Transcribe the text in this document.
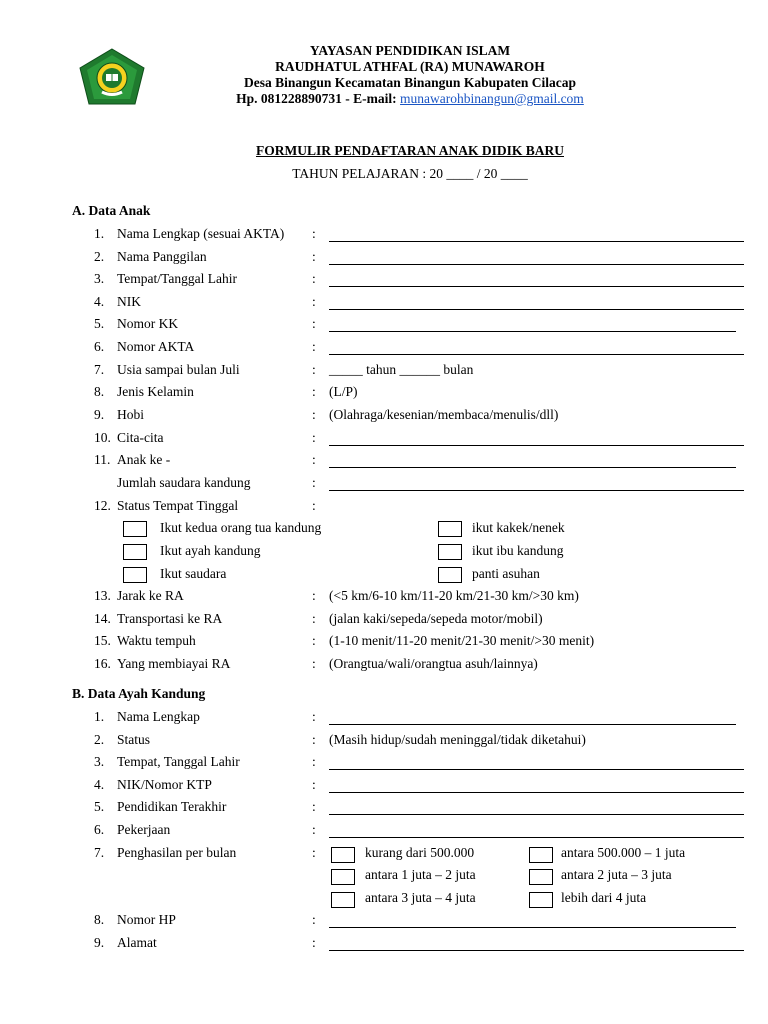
YAYASAN PENDIDIKAN ISLAM
RAUDHATUL ATHFAL (RA) MUNAWAROH
Desa Binangun Kecamatan Binangun Kabupaten Cilacap
Hp. 081228890731 - E-mail: munawarohbinangun@gmail.com
FORMULIR PENDAFTARAN ANAK DIDIK BARU
TAHUN PELAJARAN : 20 ____ / 20 ____
A. Data Anak
1. Nama Lengkap (sesuai AKTA) :
2. Nama Panggilan	:
3. Tempat/Tanggal Lahir	:
4. NIK	:
5. Nomor KK	:
6. Nomor AKTA	:
7. Usia sampai bulan Juli	: _____ tahun ______ bulan
8. Jenis Kelamin	: (L/P)
9. Hobi	: (Olahraga/kesenian/membaca/menulis/dll)
10. Cita-cita	:
11. Anak ke -	:
Jumlah saudara kandung	:
12. Status Tempat Tinggal	:
Ikut kedua orang tua kandung	ikut kakek/nenek
Ikut ayah kandung	ikut ibu kandung
Ikut saudara	panti asuhan
13. Jarak ke RA	: (<5 km/6-10 km/11-20 km/21-30 km/>30 km)
14. Transportasi ke RA	: (jalan kaki/sepeda/sepeda motor/mobil)
15. Waktu tempuh	: (1-10 menit/11-20 menit/21-30 menit/>30 menit)
16. Yang membiayai RA	: (Orangtua/wali/orangtua asuh/lainnya)
B. Data Ayah Kandung
1. Nama Lengkap	:
2. Status	: (Masih hidup/sudah meninggal/tidak diketahui)
3. Tempat, Tanggal Lahir	:
4. NIK/Nomor KTP	:
5. Pendidikan Terakhir	:
6. Pekerjaan	:
7. Penghasilan per bulan	:	kurang dari 500.000	antara 500.000 – 1 juta
antara 1 juta – 2 juta	antara 2 juta – 3 juta
antara 3 juta – 4 juta	lebih dari 4 juta
8. Nomor HP	:
9. Alamat	:
